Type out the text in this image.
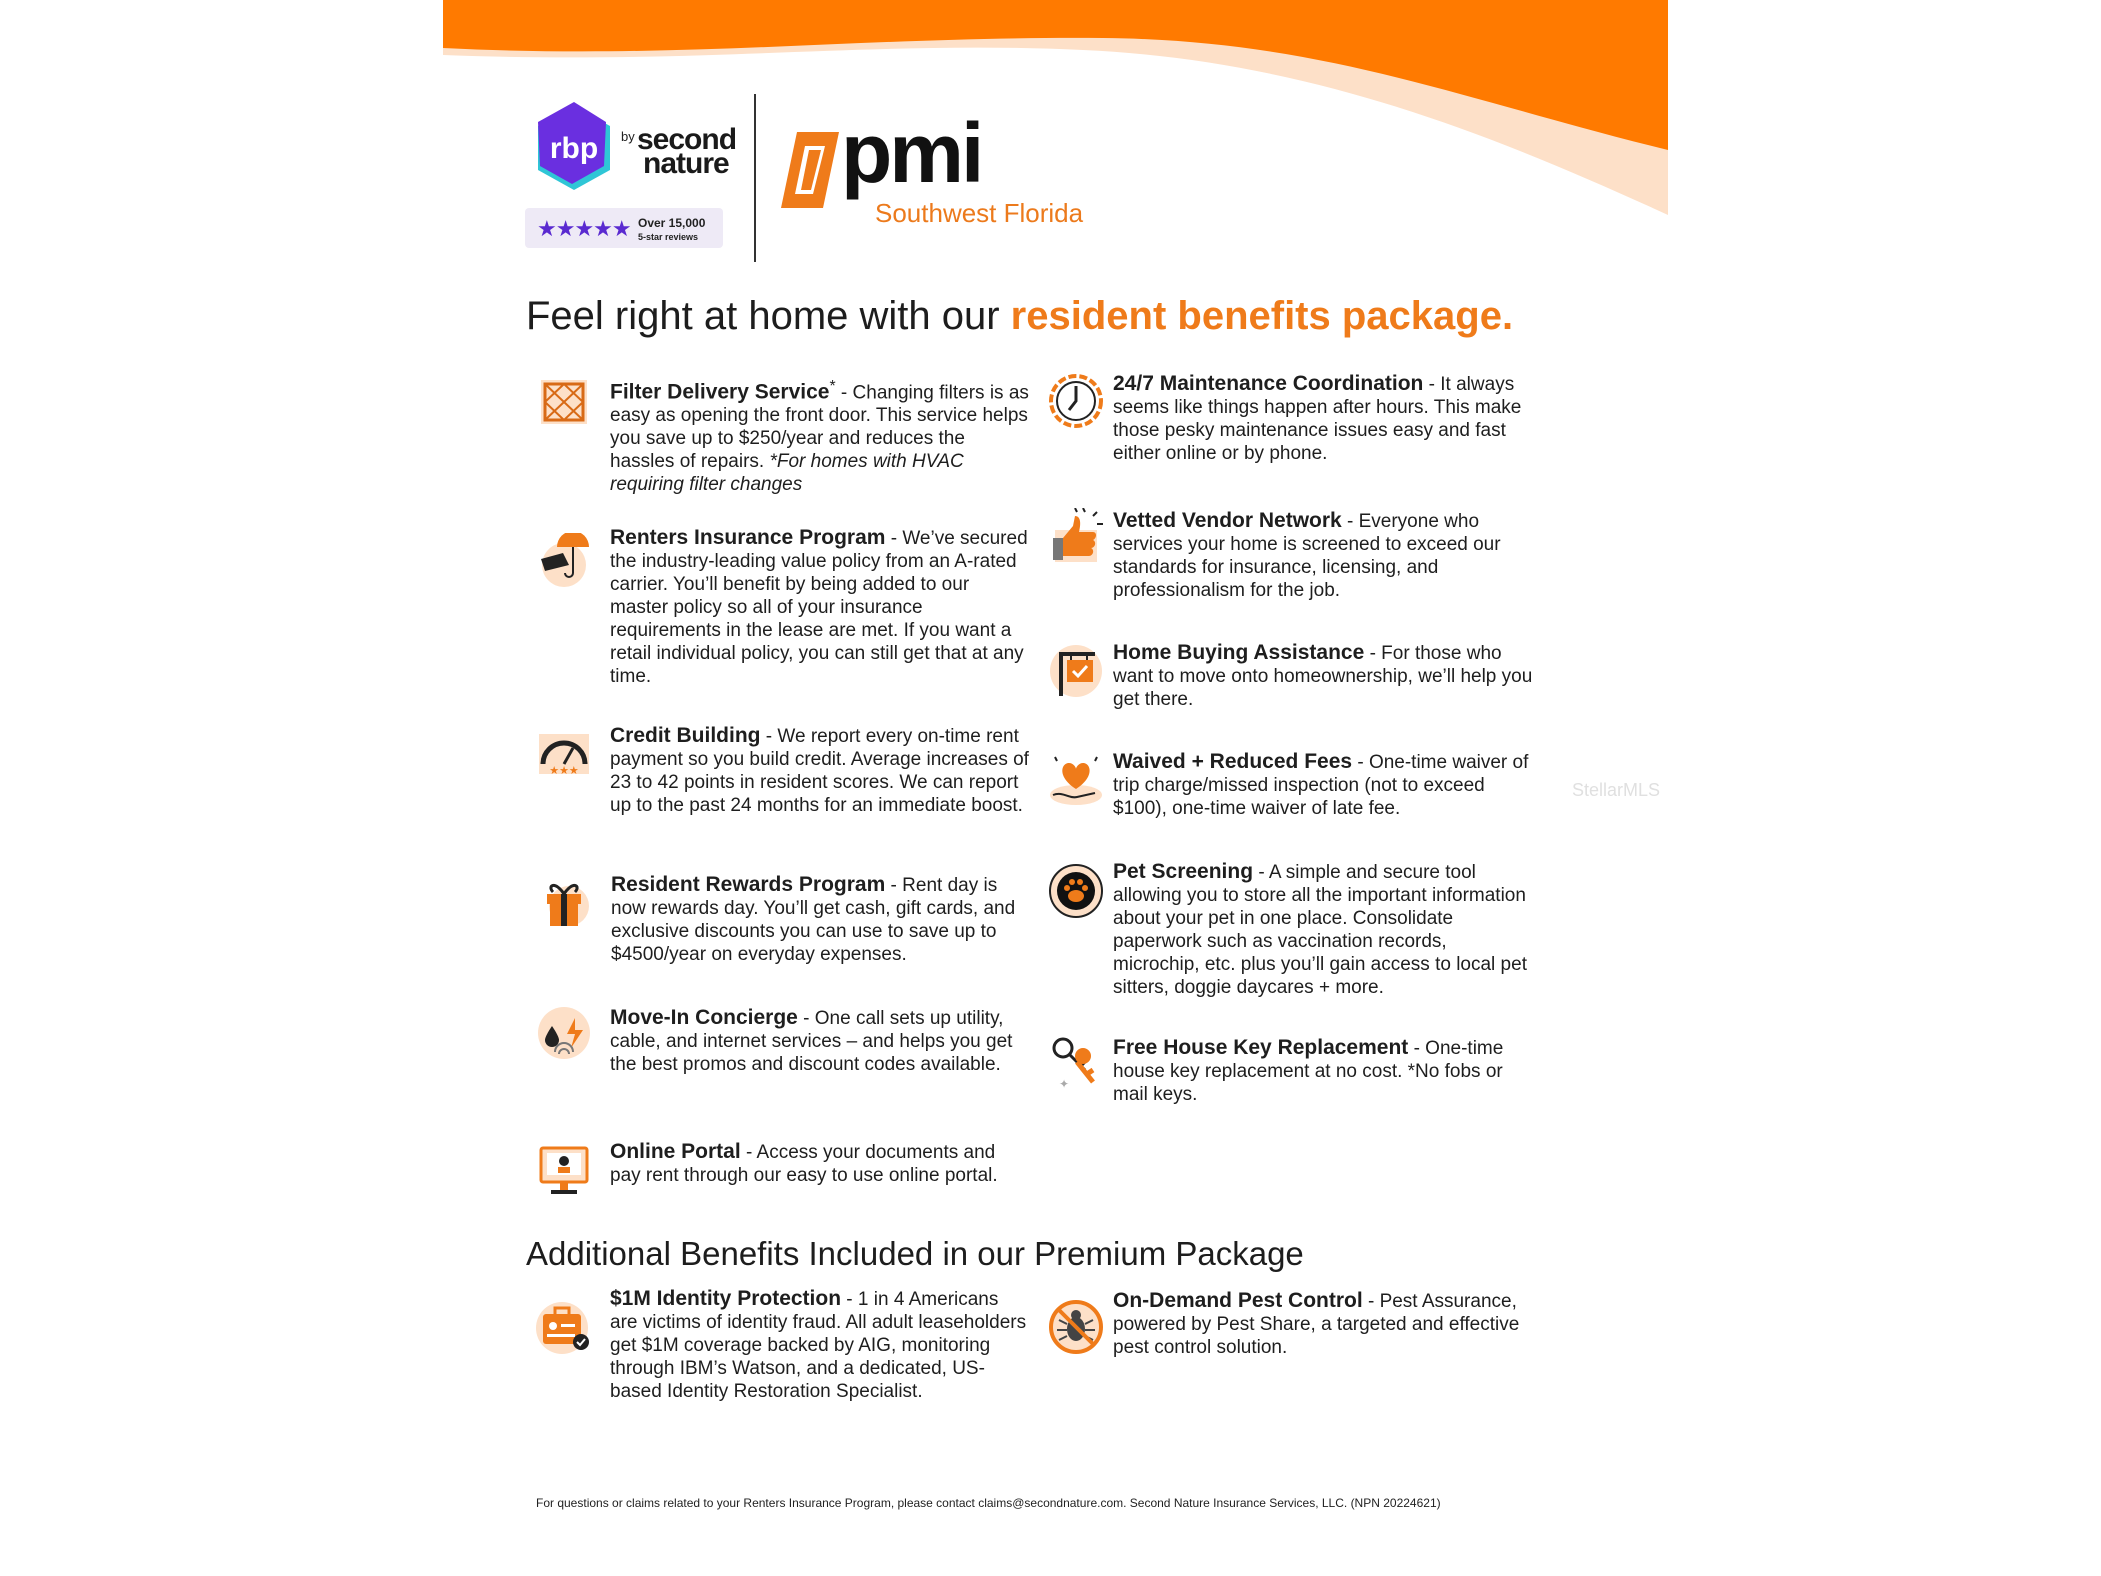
rbp by second
nature
★★★★★ Over 15,000
5-star reviews
pmi
Southwest Florida
Feel right at home with our resident benefits package.
Filter Delivery Service* - Changing filters is as easy as opening the front door. This service helps you save up to $250/year and reduces the hassles of repairs. *For homes with HVAC requiring filter changes
Renters Insurance Program - We’ve secured the industry-leading value policy from an A-rated carrier. You’ll benefit by being added to our master policy so all of your insurance requirements in the lease are met. If you want a retail individual policy, you can still get that at any time.
★★★
Credit Building - We report every on-time rent payment so you build credit. Average increases of 23 to 42 points in resident scores. We can report up to the past 24 months for an immediate boost.
Resident Rewards Program - Rent day is now rewards day. You’ll get cash, gift cards, and exclusive discounts you can use to save up to $4500/year on everyday expenses.
Move-In Concierge - One call sets up utility, cable, and internet services – and helps you get the best promos and discount codes available.
Online Portal - Access your documents and pay rent through our easy to use online portal.
24/7 Maintenance Coordination - It always seems like things happen after hours. This make those pesky maintenance issues easy and fast either online or by phone.
Vetted Vendor Network - Everyone who services your home is screened to exceed our standards for insurance, licensing, and professionalism for the job.
Home Buying Assistance - For those who want to move onto homeownership, we’ll help you get there.
Waived + Reduced Fees - One-time waiver of trip charge/missed inspection (not to exceed $100), one-time waiver of late fee.
Pet Screening - A simple and secure tool allowing you to store all the important information about your pet in one place. Consolidate paperwork such as vaccination records, microchip, etc. plus you’ll gain access to local pet sitters, doggie daycares + more.
✦
Free House Key Replacement - One-time house key replacement at no cost. *No fobs or mail keys.
Additional Benefits Included in our Premium Package
$1M Identity Protection - 1 in 4 Americans are victims of identity fraud. All adult leaseholders get $1M coverage backed by AIG, monitoring through IBM’s Watson, and a dedicated, US-based Identity Restoration Specialist.
On-Demand Pest Control - Pest Assurance, powered by Pest Share, a targeted and effective pest control solution.
For questions or claims related to your Renters Insurance Program, please contact claims@secondnature.com. Second Nature Insurance Services, LLC. (NPN 20224621)
StellarMLS
